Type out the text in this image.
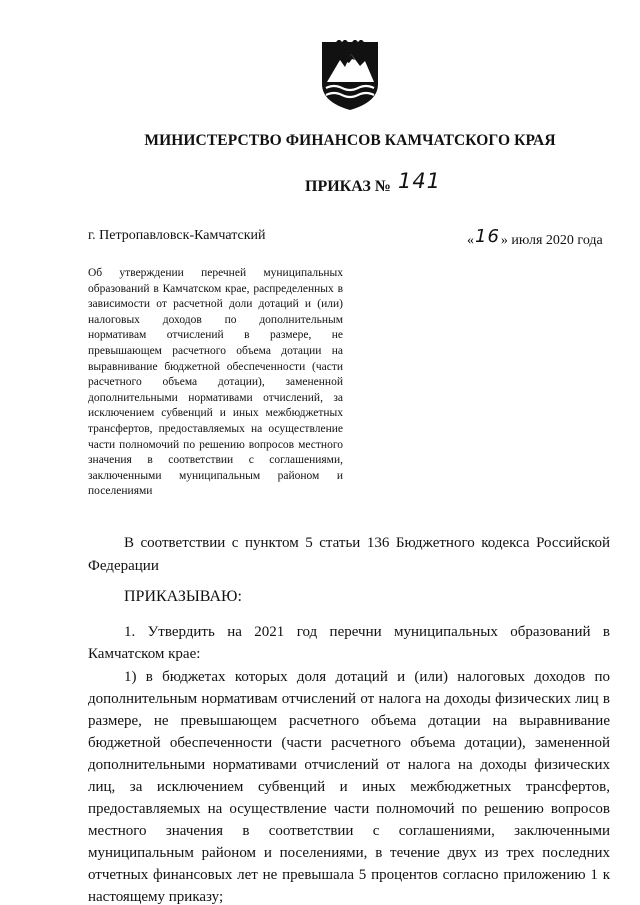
МИНИСТЕРСТВО ФИНАНСОВ КАМЧАТСКОГО КРАЯ
ПРИКАЗ № 141
г. Петропавловск-Камчатский	«16» июля 2020 года

Об утверждении перечней муниципальных образований в Камчатском крае, распределенных в зависимости от расчетной доли дотаций и (или) налоговых доходов по дополнительным нормативам отчислений в размере, не превышающем расчетного объема дотации на выравнивание бюджетной обеспеченности (части расчетного объема дотации), замененной дополнительными нормативами отчислений, за исключением субвенций и иных межбюджетных трансфертов, предоставляемых на осуществление части полномочий по решению вопросов местного значения в соответствии с соглашениями, заключенными муниципальным районом и поселениями

В соответствии с пунктом 5 статьи 136 Бюджетного кодекса Российской Федерации

ПРИКАЗЫВАЮ:

1. Утвердить на 2021 год перечни муниципальных образований в Камчатском крае:

1) в бюджетах которых доля дотаций и (или) налоговых доходов по дополнительным нормативам отчислений от налога на доходы физических лиц в размере, не превышающем расчетного объема дотации на выравнивание бюджетной обеспеченности (части расчетного объема дотации), замененной дополнительными нормативами отчислений от налога на доходы физических лиц, за исключением субвенций и иных межбюджетных трансфертов, предоставляемых на осуществление части полномочий по решению вопросов местного значения в соответствии с соглашениями, заключенными муниципальным районом и поселениями, в течение двух из трех последних отчетных финансовых лет не превышала 5 процентов согласно приложению 1 к настоящему приказу;
